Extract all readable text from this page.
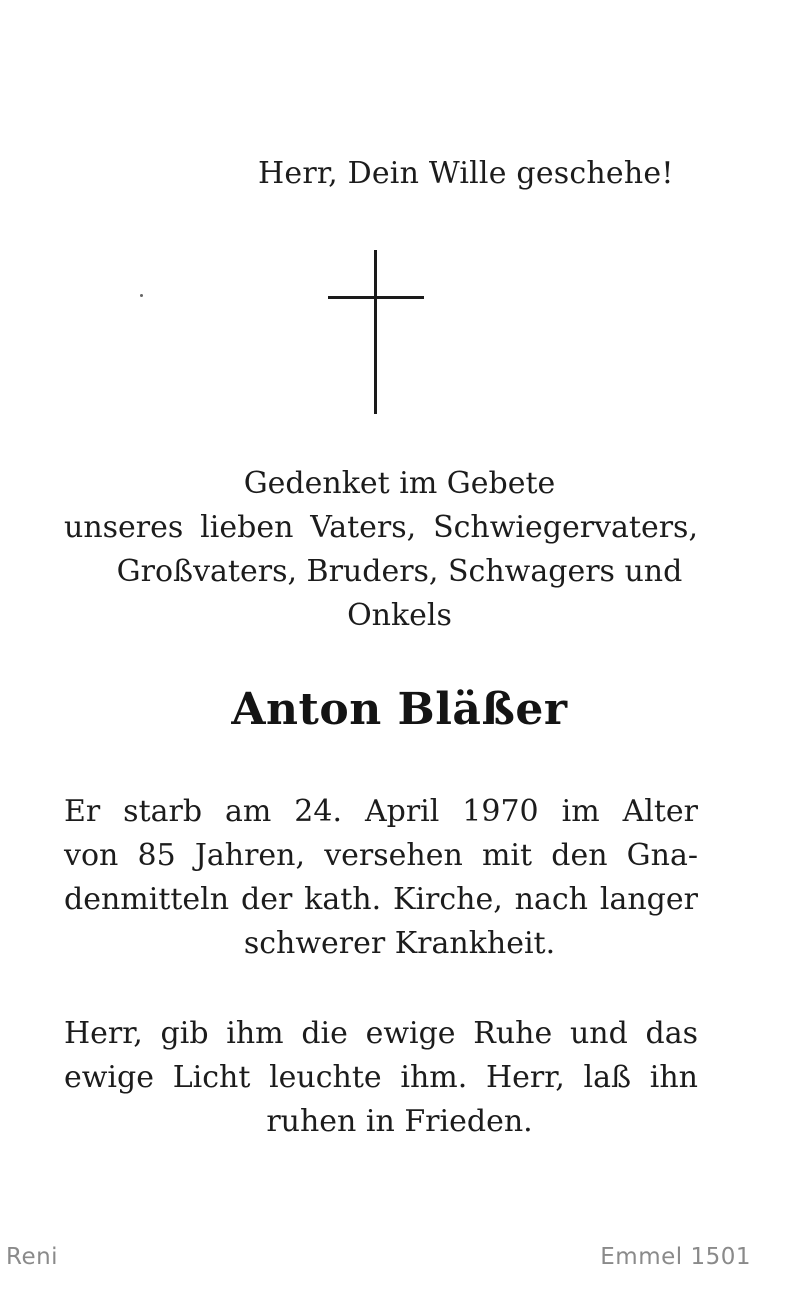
Herr, Dein Wille geschehe!
Gedenket im Gebete
unseres lieben Vaters, Schwiegervaters,
Großvaters, Bruders, Schwagers und
Onkels
Anton Bläßer
Er starb am 24. April 1970 im Alter
von 85 Jahren, versehen mit den Gna-
denmitteln der kath. Kirche, nach langer
schwerer Krankheit.
Herr, gib ihm die ewige Ruhe und das
ewige Licht leuchte ihm. Herr, laß ihn
ruhen in Frieden.
Reni	Emmel 1501
